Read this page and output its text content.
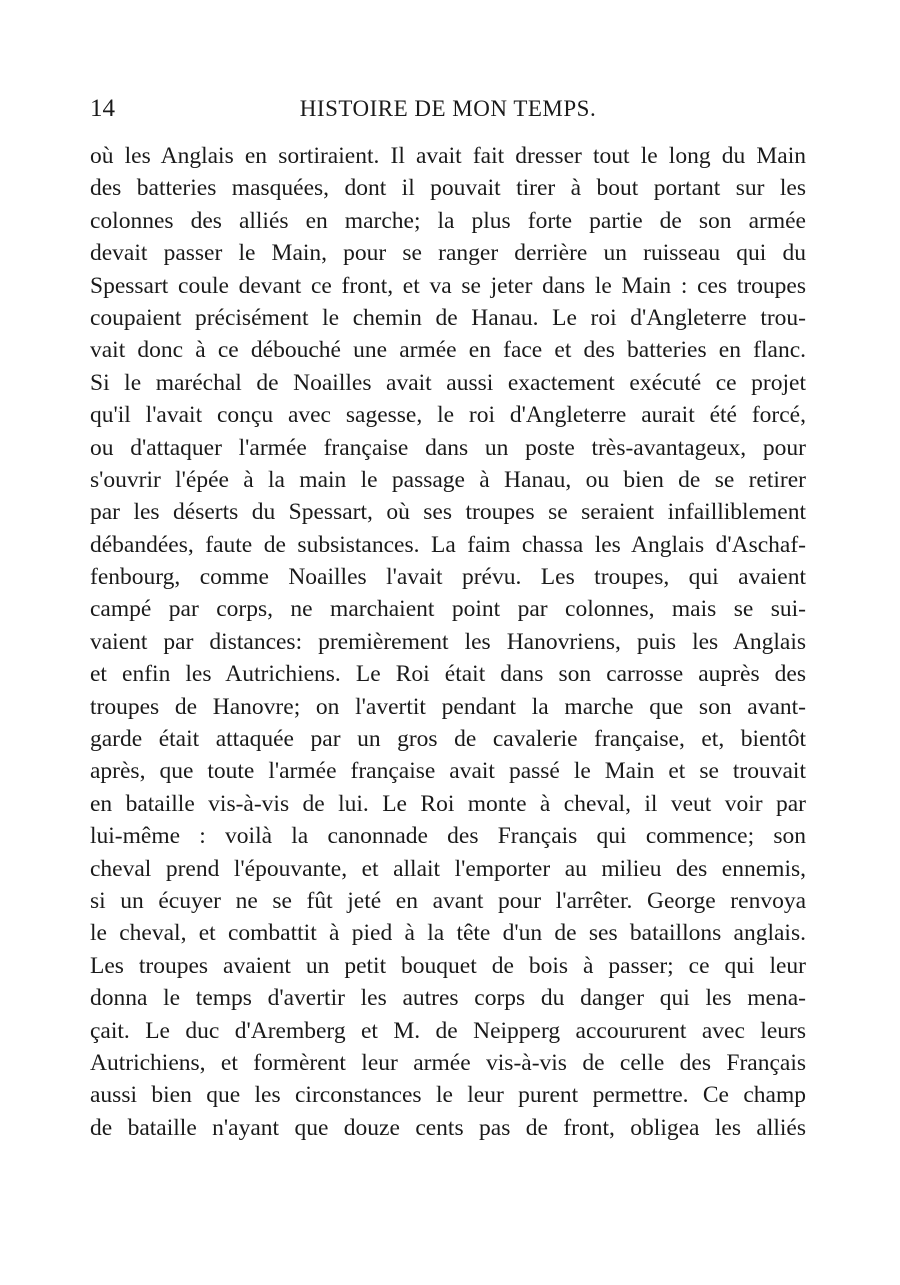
14	HISTOIRE DE MON TEMPS.
où les Anglais en sortiraient. Il avait fait dresser tout le long du Main
des batteries masquées, dont il pouvait tirer à bout portant sur les
colonnes des alliés en marche; la plus forte partie de son armée
devait passer le Main, pour se ranger derrière un ruisseau qui du
Spessart coule devant ce front, et va se jeter dans le Main : ces troupes
coupaient précisément le chemin de Hanau. Le roi d'Angleterre trou-
vait donc à ce débouché une armée en face et des batteries en flanc.
Si le maréchal de Noailles avait aussi exactement exécuté ce projet
qu'il l'avait conçu avec sagesse, le roi d'Angleterre aurait été forcé,
ou d'attaquer l'armée française dans un poste très-avantageux, pour
s'ouvrir l'épée à la main le passage à Hanau, ou bien de se retirer
par les déserts du Spessart, où ses troupes se seraient infailliblement
débandées, faute de subsistances. La faim chassa les Anglais d'Aschaf-
fenbourg, comme Noailles l'avait prévu. Les troupes, qui avaient
campé par corps, ne marchaient point par colonnes, mais se sui-
vaient par distances: premièrement les Hanovriens, puis les Anglais
et enfin les Autrichiens. Le Roi était dans son carrosse auprès des
troupes de Hanovre; on l'avertit pendant la marche que son avant-
garde était attaquée par un gros de cavalerie française, et, bientôt
après, que toute l'armée française avait passé le Main et se trouvait
en bataille vis-à-vis de lui. Le Roi monte à cheval, il veut voir par
lui-même : voilà la canonnade des Français qui commence; son
cheval prend l'épouvante, et allait l'emporter au milieu des ennemis,
si un écuyer ne se fût jeté en avant pour l'arrêter. George renvoya
le cheval, et combattit à pied à la tête d'un de ses bataillons anglais.
Les troupes avaient un petit bouquet de bois à passer; ce qui leur
donna le temps d'avertir les autres corps du danger qui les mena-
çait. Le duc d'Aremberg et M. de Neipperg accoururent avec leurs
Autrichiens, et formèrent leur armée vis-à-vis de celle des Français
aussi bien que les circonstances le leur purent permettre. Ce champ
de bataille n'ayant que douze cents pas de front, obligea les alliés
